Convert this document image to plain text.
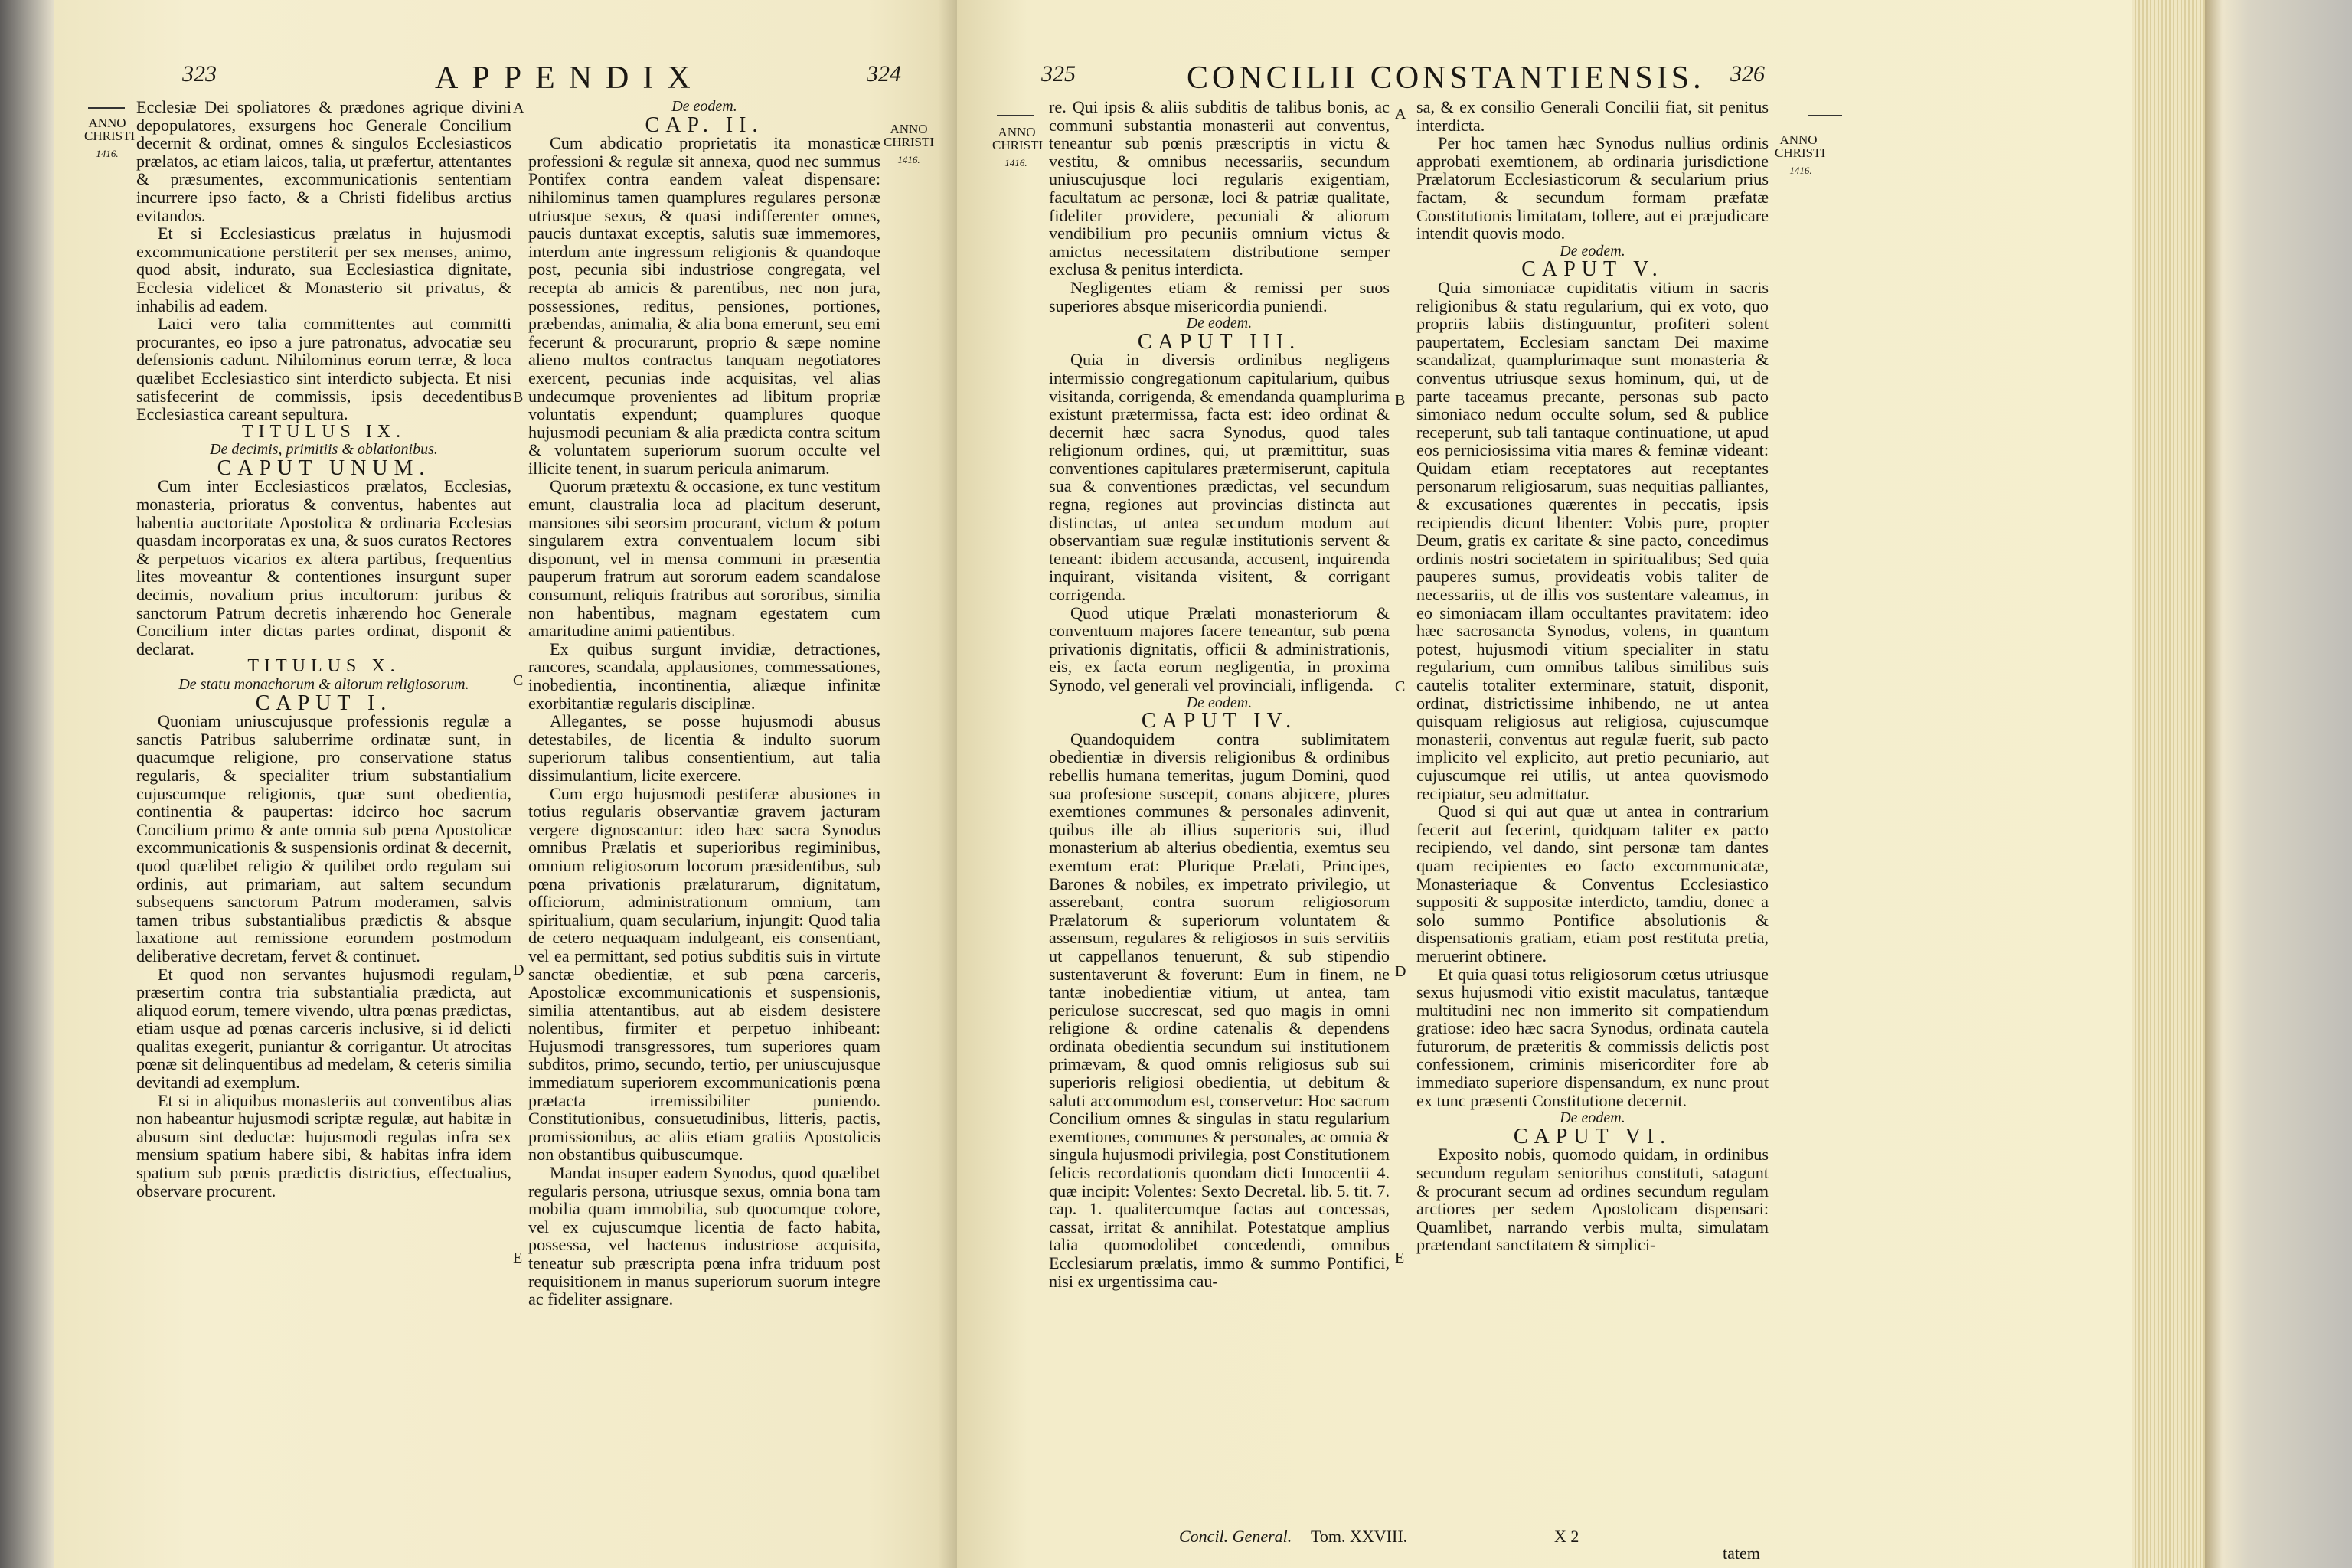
323	APPENDIX	324
ANNO
CHRISTI
1416.
ANNO
CHRISTI
1416.
A
B
C
D
E

Ecclesiæ Dei spoliatores & prædones agrique divini depopulatores, exsurgens hoc Generale Concilium decernit & ordinat, omnes & singulos Ecclesiasticos prælatos, ac etiam laicos, talia, ut præfertur, attentantes & præsumentes, excommunicationis sententiam incurrere ipso facto, & a Christi fidelibus arctius evitandos.

Et si Ecclesiasticus prælatus in hujusmodi excommunicatione perstiterit per sex menses, animo, quod absit, indurato, sua Ecclesiastica dignitate, Ecclesia videlicet & Monasterio sit privatus, & inhabilis ad eadem.

Laici vero talia committentes aut committi procurantes, eo ipso a jure patronatus, advocatiæ seu defensionis cadunt. Nihilominus eorum terræ, & loca quælibet Ecclesiastico sint interdicto subjecta. Et nisi satisfecerint de commissis, ipsis decedentibus Ecclesiastica careant sepultura.

TITULUS IX.

De decimis, primitiis & oblationibus.

CAPUT UNUM.

Cum inter Ecclesiasticos prælatos, Ecclesias, monasteria, prioratus & conventus, habentes aut habentia auctoritate Apostolica & ordinaria Ecclesias quasdam incorporatas ex una, & suos curatos Rectores & perpetuos vicarios ex altera partibus, frequentius lites moveantur & contentiones insurgunt super decimis, novalium prius incultorum: juribus & sanctorum Patrum decretis inhærendo hoc Generale Concilium inter dictas partes ordinat, disponit & declarat.

TITULUS X.

De statu monachorum & aliorum religiosorum.

CAPUT I.

Quoniam uniuscujusque professionis regulæ a sanctis Patribus saluberrime ordinatæ sunt, in quacumque religione, pro conservatione status regularis, & specialiter trium substantialium cujuscumque religionis, quæ sunt obedientia, continentia & paupertas: idcirco hoc sacrum Concilium primo & ante omnia sub pœna Apostolicæ excommunicationis & suspensionis ordinat & decernit, quod quælibet religio & quilibet ordo regulam sui ordinis, aut primariam, aut saltem secundum subsequens sanctorum Patrum moderamen, salvis tamen tribus substantialibus prædictis & absque laxatione aut remissione eorundem postmodum deliberative decretam, fervet & continuet.

Et quod non servantes hujusmodi regulam, præsertim contra tria substantialia prædicta, aut aliquod eorum, temere vivendo, ultra pœnas prædictas, etiam usque ad pœnas carceris inclusive, si id delicti qualitas exegerit, puniantur & corrigantur. Ut atrocitas pœnæ sit delinquentibus ad medelam, & ceteris similia devitandi ad exemplum.

Et si in aliquibus monasteriis aut conventibus alias non habeantur hujusmodi scriptæ regulæ, aut habitæ in abusum sint deductæ: hujusmodi regulas infra sex mensium spatium habere sibi, & habitas infra idem spatium sub pœnis prædictis districtius, effectualius, observare procurent.

De eodem.

CAP. II.

Cum abdicatio proprietatis ita monasticæ professioni & regulæ sit annexa, quod nec summus Pontifex contra eandem valeat dispensare: nihilominus tamen quamplures regulares personæ utriusque sexus, & quasi indifferenter omnes, paucis duntaxat exceptis, salutis suæ immemores, interdum ante ingressum religionis & quandoque post, pecunia sibi industriose congregata, vel recepta ab amicis & parentibus, nec non jura, possessiones, reditus, pensiones, portiones, præbendas, animalia, & alia bona emerunt, seu emi fecerunt & procurarunt, proprio & sæpe nomine alieno multos contractus tanquam negotiatores exercent, pecunias inde acquisitas, vel alias undecumque provenientes ad libitum propriæ voluntatis expendunt; quamplures quoque hujusmodi pecuniam & alia prædicta contra scitum & voluntatem superiorum suorum occulte vel illicite tenent, in suarum pericula animarum.

Quorum prætextu & occasione, ex tunc vestitum emunt, claustralia loca ad placitum deserunt, mansiones sibi seorsim procurant, victum & potum singularem extra conventualem locum sibi disponunt, vel in mensa communi in præsentia pauperum fratrum aut sororum eadem scandalose consumunt, reliquis fratribus aut sororibus, similia non habentibus, magnam egestatem cum amaritudine animi patientibus.

Ex quibus surgunt invidiæ, detractiones, rancores, scandala, applausiones, commessationes, inobedientia, incontinentia, aliæque infinitæ exorbitantiæ regularis disciplinæ.

Allegantes, se posse hujusmodi abusus detestabiles, de licentia & indulto suorum superiorum talibus consentientium, aut talia dissimulantium, licite exercere.

Cum ergo hujusmodi pestiferæ abusiones in totius regularis observantiæ gravem jacturam vergere dignoscantur: ideo hæc sacra Synodus omnibus Prælatis et superioribus regiminibus, omnium religiosorum locorum præsidentibus, sub pœna privationis prælaturarum, dignitatum, officiorum, administrationum omnium, tam spiritualium, quam secularium, injungit: Quod talia de cetero nequaquam indulgeant, eis consentiant, vel ea permittant, sed potius subditis suis in virtute sanctæ obedientiæ, et sub pœna carceris, Apostolicæ excommunicationis et suspensionis, similia attentantibus, aut ab eisdem desistere nolentibus, firmiter et perpetuo inhibeant: Hujusmodi transgressores, tum superiores quam subditos, primo, secundo, tertio, per uniuscujusque immediatum superiorem excommunicationis pœna prætacta irremissibiliter puniendo. Constitutionibus, consuetudinibus, litteris, pactis, promissionibus, ac aliis etiam gratiis Apostolicis non obstantibus quibuscumque.

Mandat insuper eadem Synodus, quod quælibet regularis persona, utriusque sexus, omnia bona tam mobilia quam immobilia, sub quocumque colore, vel ex cujuscumque licentia de facto habita, possessa, vel hactenus industriose acquisita, teneatur sub præscripta pœna infra triduum post requisitionem in manus superiorum suorum integre ac fideliter assignare.

325	CONCILII CONSTANTIENSIS. 326
ANNO
CHRISTI
1416.
ANNO
CHRISTI
1416.
A
B
C
D
E

re. Qui ipsis & aliis subditis de talibus bonis, ac communi substantia monasterii aut conventus, teneantur sub pœnis præscriptis in victu & vestitu, & omnibus necessariis, secundum uniuscujusque loci regularis exigentiam, facultatum ac personæ, loci & patriæ qualitate, fideliter providere, pecuniali & aliorum vendibilium pro pecuniis omnium victus & amictus necessitatem distributione semper exclusa & penitus interdicta.

Negligentes etiam & remissi per suos superiores absque misericordia puniendi.

De eodem.

CAPUT III.

Quia in diversis ordinibus negligens intermissio congregationum capitularium, quibus visitanda, corrigenda, & emendanda quamplurima existunt prætermissa, facta est: ideo ordinat & decernit hæc sacra Synodus, quod tales religionum ordines, qui, ut præmittitur, suas conventiones capitulares prætermiserunt, capitula sua & conventiones prædictas, vel secundum regna, regiones aut provincias distincta aut distinctas, ut antea secundum modum aut observantiam suæ regulæ institutionis servent & teneant: ibidem accusanda, accusent, inquirenda inquirant, visitanda visitent, & corrigant corrigenda.

Quod utique Prælati monasteriorum & conventuum majores facere teneantur, sub pœna privationis dignitatis, officii & administrationis, eis, ex facta eorum negligentia, in proxima Synodo, vel generali vel provinciali, infligenda.

De eodem.

CAPUT IV.

Quandoquidem contra sublimitatem obedientiæ in diversis religionibus & ordinibus rebellis humana temeritas, jugum Domini, quod sua profesione suscepit, conans abjicere, plures exemtiones communes & personales adinvenit, quibus ille ab illius superioris sui, illud monasterium ab alterius obedientia, exemtus seu exemtum erat: Plurique Prælati, Principes, Barones & nobiles, ex impetrato privilegio, ut asserebant, contra suorum religiosorum Prælatorum & superiorum voluntatem & assensum, regulares & religiosos in suis servitiis ut cappellanos tenuerunt, & sub stipendio sustentaverunt & foverunt: Eum in finem, ne tantæ inobedientiæ vitium, ut antea, tam periculose succrescat, sed quo magis in omni religione & ordine catenalis & dependens ordinata obedientia secundum sui institutionem primævam, & quod omnis religiosus sub sui superioris religiosi obedientia, ut debitum & saluti accommodum est, conservetur: Hoc sacrum Concilium omnes & singulas in statu regularium exemtiones, communes & personales, ac omnia & singula hujusmodi privilegia, post Constitutionem felicis recordationis quondam dicti Innocentii 4. quæ incipit: Volentes: Sexto Decretal. lib. 5. tit. 7. cap. 1. qualitercumque factas aut concessas, cassat, irritat & annihilat. Potestatque amplius talia quomodolibet concedendi, omnibus Ecclesiarum prælatis, immo & summo Pontifici, nisi ex urgentissima cau-

Concil. General. Tom. XXVIII.

sa, & ex consilio Generali Concilii fiat, sit penitus interdicta.

Per hoc tamen hæc Synodus nullius ordinis approbati exemtionem, ab ordinaria jurisdictione Prælatorum Ecclesiasticorum & secularium prius factam, & secundum formam præfatæ Constitutionis limitatam, tollere, aut ei præjudicare intendit quovis modo.

De eodem.

CAPUT V.

Quia simoniacæ cupiditatis vitium in sacris religionibus & statu regularium, qui ex voto, quo propriis labiis distinguuntur, profiteri solent paupertatem, Ecclesiam sanctam Dei maxime scandalizat, quamplurimaque sunt monasteria & conventus utriusque sexus hominum, qui, ut de parte taceamus precante, personas sub pacto simoniaco nedum occulte solum, sed & publice receperunt, sub tali tantaque continuatione, ut apud eos perniciosissima vitia mares & feminæ videant: Quidam etiam receptatores aut receptantes personarum religiosarum, suas nequitias palliantes, & excusationes quærentes in peccatis, ipsis recipiendis dicunt libenter: Vobis pure, propter Deum, gratis ex caritate & sine pacto, concedimus ordinis nostri societatem in spiritualibus; Sed quia pauperes sumus, provideatis vobis taliter de necessariis, ut de illis vos sustentare valeamus, in eo simoniacam illam occultantes pravitatem: ideo hæc sacrosancta Synodus, volens, in quantum potest, hujusmodi vitium specialiter in statu regularium, cum omnibus talibus similibus suis cautelis totaliter exterminare, statuit, disponit, ordinat, districtissime inhibendo, ne ut antea quisquam religiosus aut religiosa, cujuscumque monasterii, conventus aut regulæ fuerit, sub pacto implicito vel explicito, aut pretio pecuniario, aut cujuscumque rei utilis, ut antea quovismodo recipiatur, seu admittatur.

Quod si qui aut quæ ut antea in contrarium fecerit aut fecerint, quidquam taliter ex pacto recipiendo, vel dando, sint personæ tam dantes quam recipientes eo facto excommunicatæ, Monasteriaque & Conventus Ecclesiastico suppositi & suppositæ interdicto, tamdiu, donec a solo summo Pontifice absolutionis & dispensationis gratiam, etiam post restituta pretia, meruerint obtinere.

Et quia quasi totus religiosorum cœtus utriusque sexus hujusmodi vitio existit maculatus, tantæque multitudini nec non immerito sit compatiendum gratiose: ideo hæc sacra Synodus, ordinata cautela futurorum, de præteritis & commissis delictis post confessionem, criminis misericorditer fore ab immediato superiore dispensandum, ex nunc prout ex tunc præsenti Constitutione decernit.

De eodem.

CAPUT VI.

Exposito nobis, quomodo quidam, in ordinibus secundum regulam seniorihus constituti, satagunt & procurant secum ad ordines secundum regulam arctiores per sedem Apostolicam dispensari: Quamlibet, narrando verbis multa, simulatam prætendant sanctitatem & simplici-

X 2
tatem
